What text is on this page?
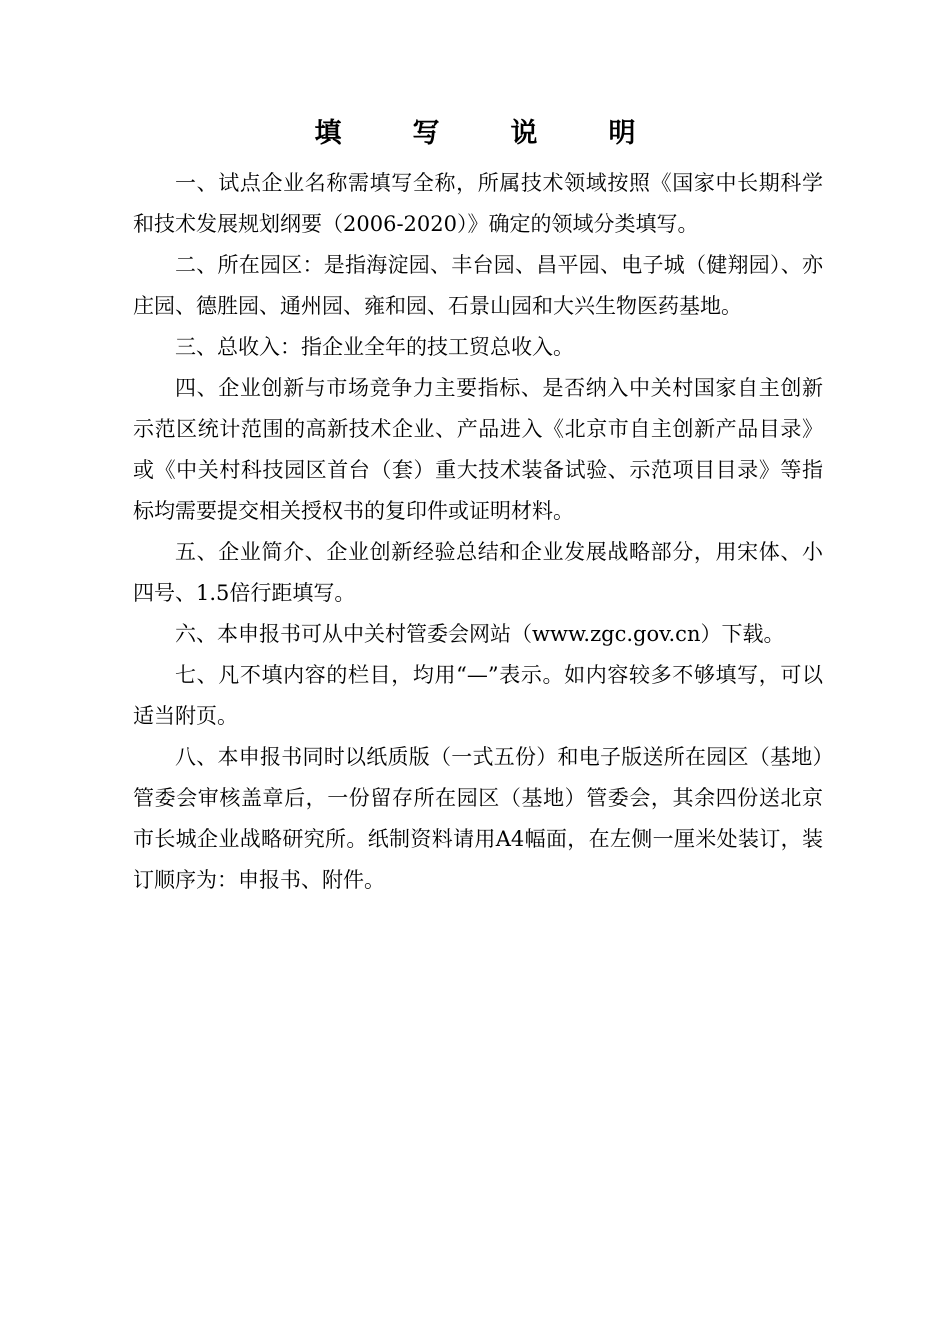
填　写　说　明

一、试点企业名称需填写全称，所属技术领域按照《国家中长期科学和技术发展规划纲要（2006-2020）》确定的领域分类填写。

二、所在园区：是指海淀园、丰台园、昌平园、电子城（健翔园）、亦庄园、德胜园、通州园、雍和园、石景山园和大兴生物医药基地。

三、总收入：指企业全年的技工贸总收入。

四、企业创新与市场竞争力主要指标、是否纳入中关村国家自主创新示范区统计范围的高新技术企业、产品进入《北京市自主创新产品目录》或《中关村科技园区首台（套）重大技术装备试验、示范项目目录》等指标均需要提交相关授权书的复印件或证明材料。

五、企业简介、企业创新经验总结和企业发展战略部分，用宋体、小四号、1.5倍行距填写。

六、本申报书可从中关村管委会网站（www.zgc.gov.cn）下载。

七、凡不填内容的栏目，均用“—”表示。如内容较多不够填写，可以适当附页。

八、本申报书同时以纸质版（一式五份）和电子版送所在园区（基地）管委会审核盖章后，一份留存所在园区（基地）管委会，其余四份送北京市长城企业战略研究所。纸制资料请用A4幅面，在左侧一厘米处装订，装订顺序为：申报书、附件。
